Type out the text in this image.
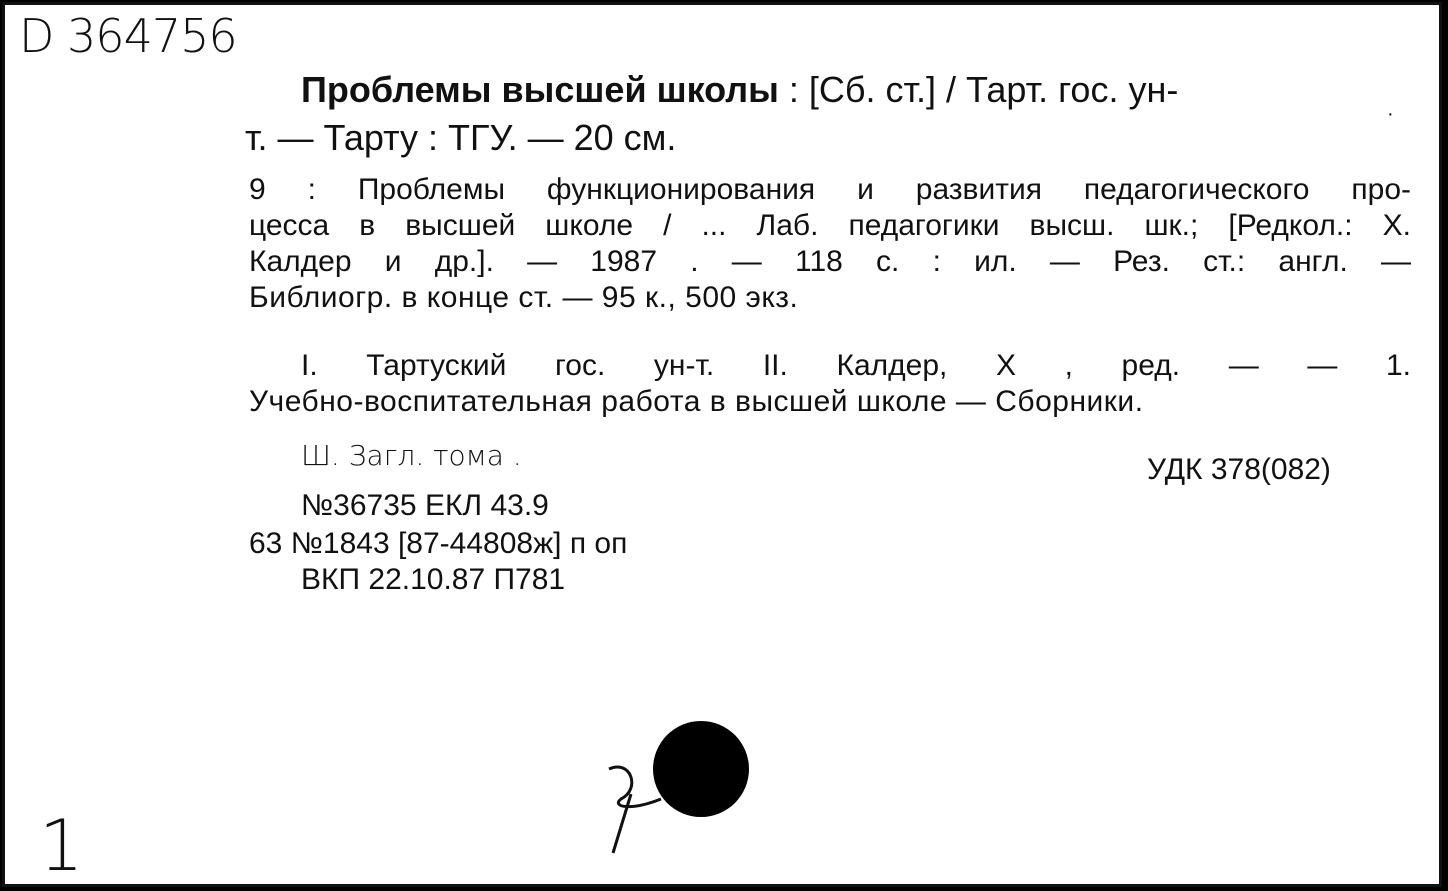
D 364756
Проблемы высшей школы : [Сб. ст.] / Тарт. гос. ун-
·
т. — Тарту : ТГУ. — 20 см.
9 : Проблемы функционирования и развития педагогического про-
цесса в высшей школе / ... Лаб. педагогики высш. шк.; [Редкол.: Х.
Калдер и др.]. — 1987 . — 118 с. : ил. — Рез. ст.: англ. —
Библиогр. в конце ст. — 95 к., 500 экз.
I. Тартуский гос. ун-т. II. Калдер, Х , ред. — — 1.
Учебно-воспитательная работа в высшей школе — Сборники.
Ш. Загл. тома .	УДК 378(082)
№36735 ЕКЛ 43.9
63 №1843 [87-44808ж] п оп
ВКП 22.10.87 П781
1
